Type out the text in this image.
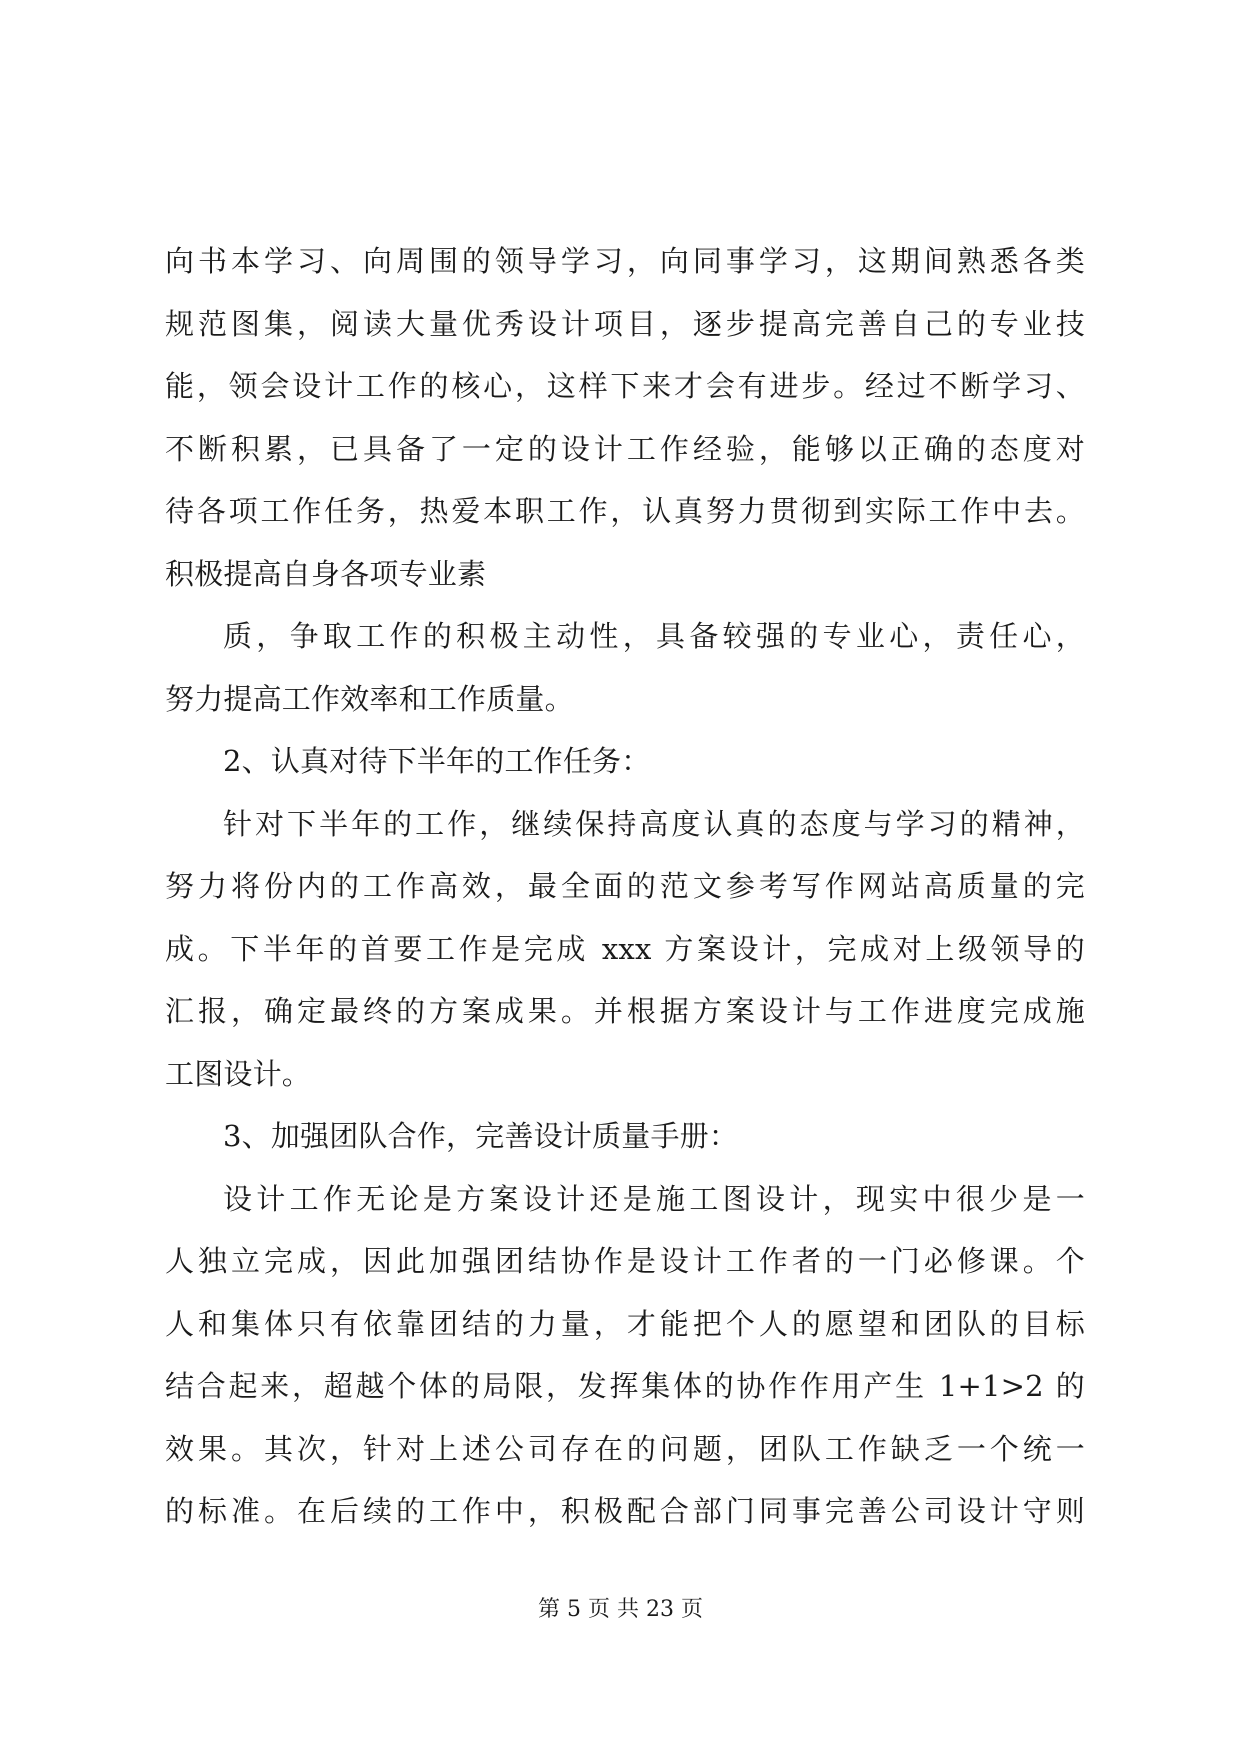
向书本学习、向周围的领导学习，向同事学习，这期间熟悉各类
规范图集，阅读大量优秀设计项目，逐步提高完善自己的专业技
能，领会设计工作的核心，这样下来才会有进步。经过不断学习、
不断积累，已具备了一定的设计工作经验，能够以正确的态度对
待各项工作任务，热爱本职工作，认真努力贯彻到实际工作中去。
积极提高自身各项专业素
质，争取工作的积极主动性，具备较强的专业心，责任心，
努力提高工作效率和工作质量。
2、认真对待下半年的工作任务：
针对下半年的工作，继续保持高度认真的态度与学习的精神，
努力将份内的工作高效，最全面的范文参考写作网站高质量的完
成。下半年的首要工作是完成 xxx 方案设计，完成对上级领导的
汇报，确定最终的方案成果。并根据方案设计与工作进度完成施
工图设计。
3、加强团队合作，完善设计质量手册：
设计工作无论是方案设计还是施工图设计，现实中很少是一
人独立完成，因此加强团结协作是设计工作者的一门必修课。个
人和集体只有依靠团结的力量，才能把个人的愿望和团队的目标
结合起来，超越个体的局限，发挥集体的协作作用产生 1+1>2 的
效果。其次，针对上述公司存在的问题，团队工作缺乏一个统一
的标准。在后续的工作中，积极配合部门同事完善公司设计守则
第 5 页 共 23 页
